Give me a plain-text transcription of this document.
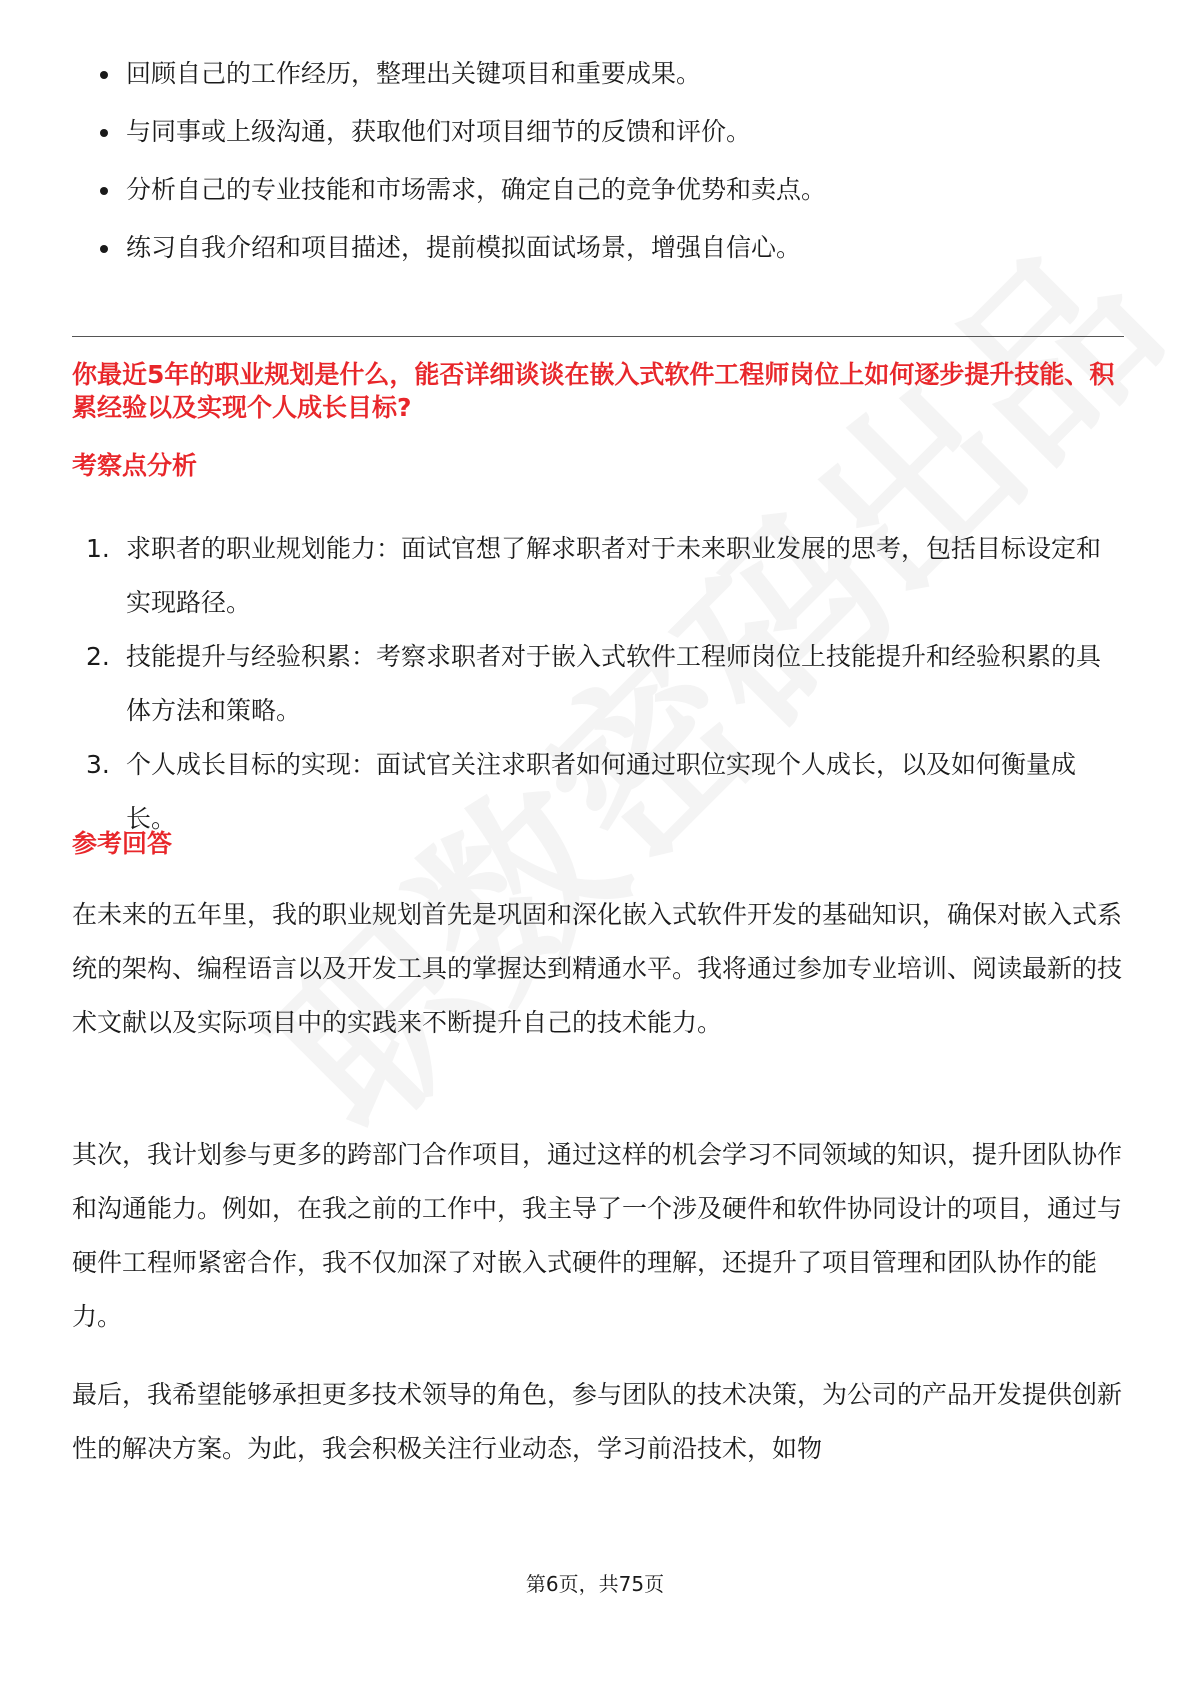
回顾自己的工作经历，整理出关键项目和重要成果。
与同事或上级沟通，获取他们对项目细节的反馈和评价。
分析自己的专业技能和市场需求，确定自己的竞争优势和卖点。
练习自我介绍和项目描述，提前模拟面试场景，增强自信心。
你最近5年的职业规划是什么，能否详细谈谈在嵌入式软件工程师岗位上如何逐步提升技能、积累经验以及实现个人成长目标?
考察点分析
1. 求职者的职业规划能力：面试官想了解求职者对于未来职业发展的思考，包括目标设定和实现路径。
2. 技能提升与经验积累：考察求职者对于嵌入式软件工程师岗位上技能提升和经验积累的具体方法和策略。
3. 个人成长目标的实现：面试官关注求职者如何通过职位实现个人成长，以及如何衡量成长。
参考回答

在未来的五年里，我的职业规划首先是巩固和深化嵌入式软件开发的基础知识，确保对嵌入式系统的架构、编程语言以及开发工具的掌握达到精通水平。我将通过参加专业培训、阅读最新的技术文献以及实际项目中的实践来不断提升自己的技术能力。

其次，我计划参与更多的跨部门合作项目，通过这样的机会学习不同领域的知识，提升团队协作和沟通能力。例如，在我之前的工作中，我主导了一个涉及硬件和软件协同设计的项目，通过与硬件工程师紧密合作，我不仅加深了对嵌入式硬件的理解，还提升了项目管理和团队协作的能力。

最后，我希望能够承担更多技术领导的角色，参与团队的技术决策，为公司的产品开发提供创新性的解决方案。为此，我会积极关注行业动态，学习前沿技术，如物

第6页，共75页
